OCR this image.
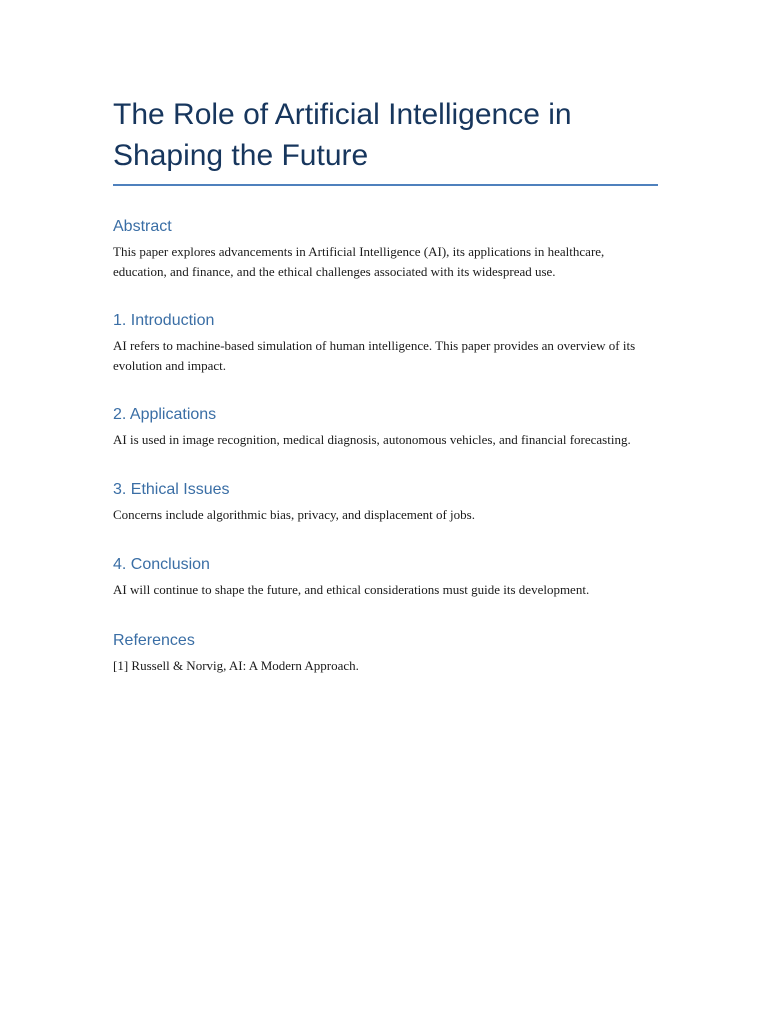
The Role of Artificial Intelligence in
Shaping the Future
Abstract

This paper explores advancements in Artificial Intelligence (AI), its applications in healthcare, education, and finance, and the ethical challenges associated with its widespread use.

1. Introduction

AI refers to machine-based simulation of human intelligence. This paper provides an overview of its evolution and impact.

2. Applications

AI is used in image recognition, medical diagnosis, autonomous vehicles, and financial forecasting.

3. Ethical Issues

Concerns include algorithmic bias, privacy, and displacement of jobs.

4. Conclusion

AI will continue to shape the future, and ethical considerations must guide its development.

References

[1] Russell & Norvig, AI: A Modern Approach.
